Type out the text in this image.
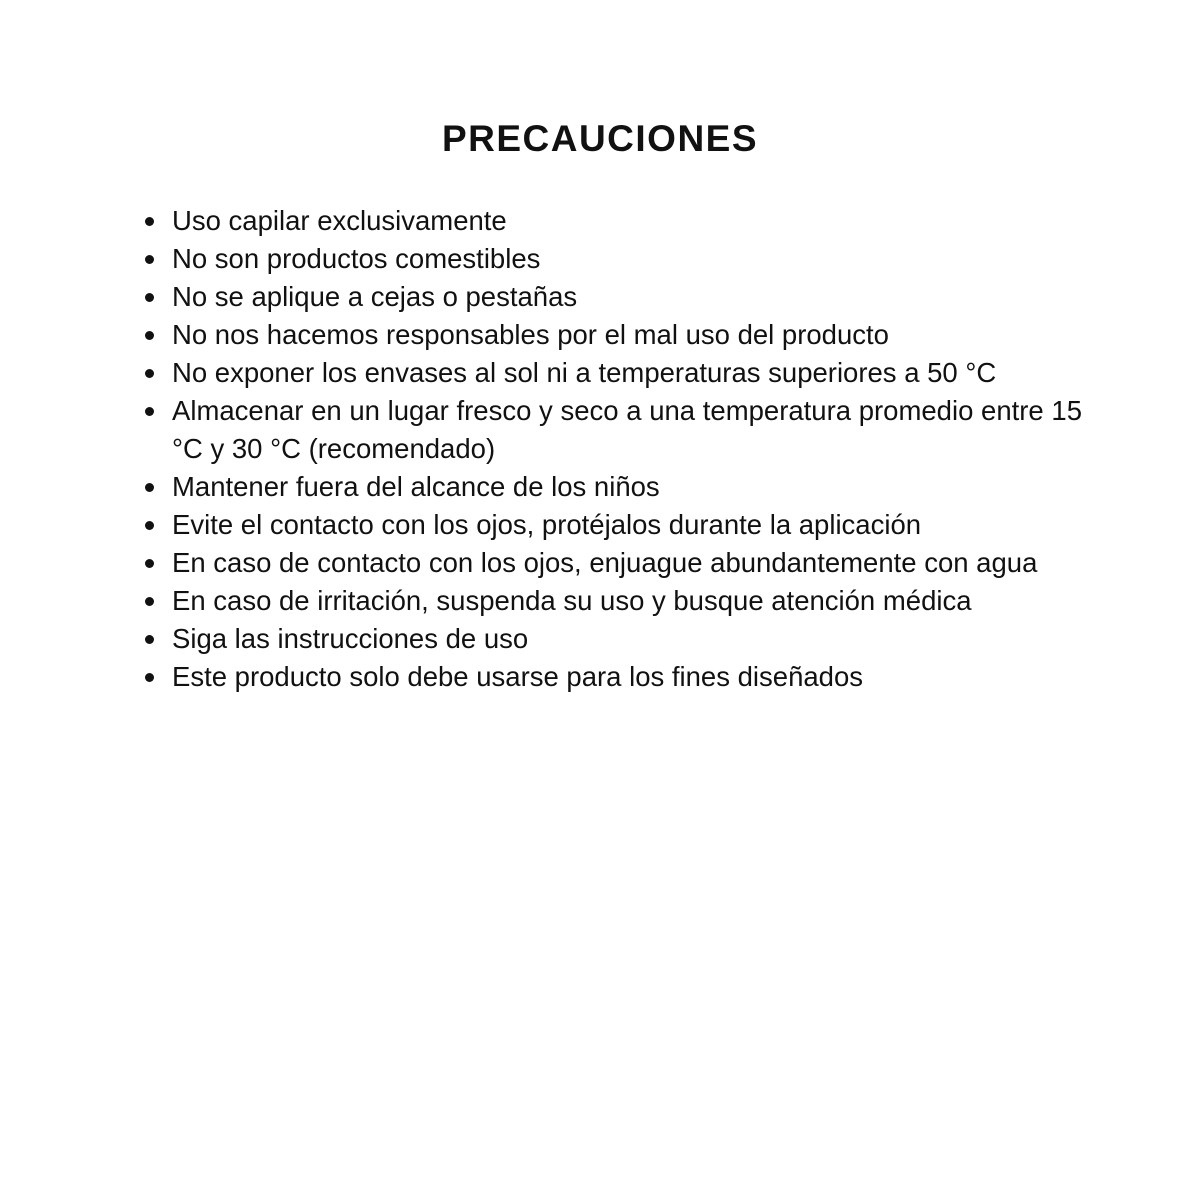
PRECAUCIONES
Uso capilar exclusivamente
No son productos comestibles
No se aplique a cejas o pestañas
No nos hacemos responsables por el mal uso del producto
No exponer los envases al sol ni a temperaturas superiores a 50 °C
Almacenar en un lugar fresco y seco a una temperatura promedio entre 15 °C y 30 °C (recomendado)
Mantener fuera del alcance de los niños
Evite el contacto con los ojos, protéjalos durante la aplicación
En caso de contacto con los ojos, enjuague abundantemente con agua
En caso de irritación, suspenda su uso y busque atención médica
Siga las instrucciones de uso
Este producto solo debe usarse para los fines diseñados
